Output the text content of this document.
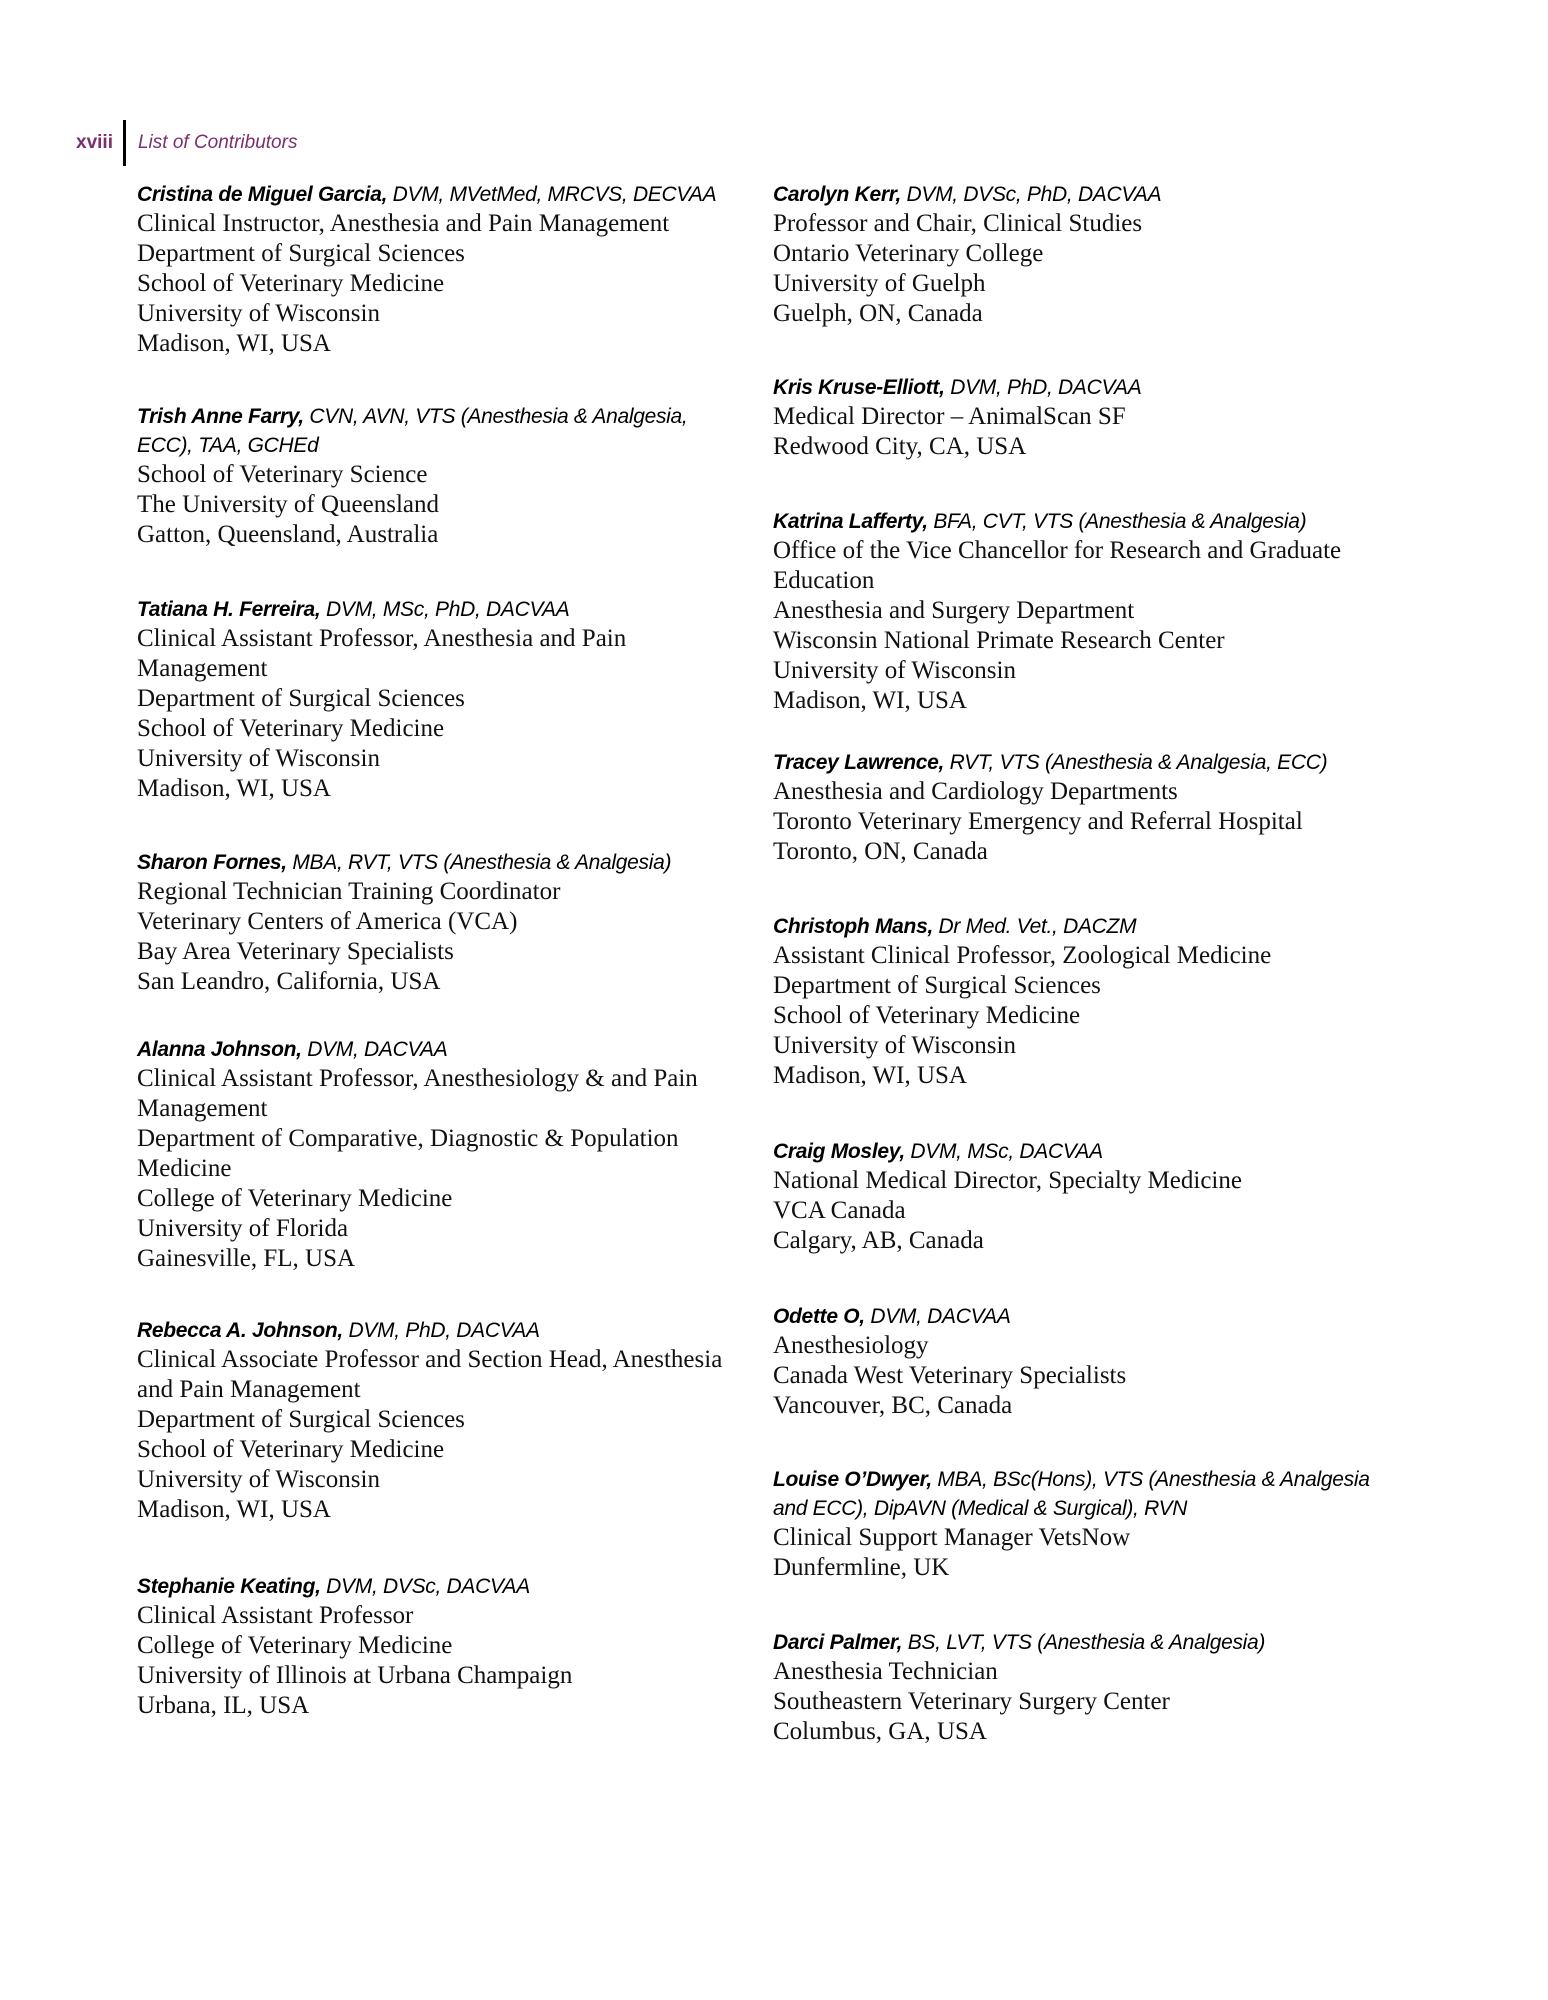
xviii List of Contributors
Cristina de Miguel Garcia, DVM, MVetMed, MRCVS, DECVAA
Clinical Instructor, Anesthesia and Pain Management
Department of Surgical Sciences
School of Veterinary Medicine
University of Wisconsin
Madison, WI, USA
Trish Anne Farry, CVN, AVN, VTS (Anesthesia & Analgesia, ECC), TAA, GCHEd
School of Veterinary Science
The University of Queensland
Gatton, Queensland, Australia
Tatiana H. Ferreira, DVM, MSc, PhD, DACVAA
Clinical Assistant Professor, Anesthesia and Pain Management
Department of Surgical Sciences
School of Veterinary Medicine
University of Wisconsin
Madison, WI, USA
Sharon Fornes, MBA, RVT, VTS (Anesthesia & Analgesia)
Regional Technician Training Coordinator
Veterinary Centers of America (VCA)
Bay Area Veterinary Specialists
San Leandro, California, USA
Alanna Johnson, DVM, DACVAA
Clinical Assistant Professor, Anesthesiology & and Pain Management
Department of Comparative, Diagnostic & Population Medicine
College of Veterinary Medicine
University of Florida
Gainesville, FL, USA
Rebecca A. Johnson, DVM, PhD, DACVAA
Clinical Associate Professor and Section Head, Anesthesia and Pain Management
Department of Surgical Sciences
School of Veterinary Medicine
University of Wisconsin
Madison, WI, USA
Stephanie Keating, DVM, DVSc, DACVAA
Clinical Assistant Professor
College of Veterinary Medicine
University of Illinois at Urbana Champaign
Urbana, IL, USA
Carolyn Kerr, DVM, DVSc, PhD, DACVAA
Professor and Chair, Clinical Studies
Ontario Veterinary College
University of Guelph
Guelph, ON, Canada
Kris Kruse-Elliott, DVM, PhD, DACVAA
Medical Director – AnimalScan SF
Redwood City, CA, USA
Katrina Lafferty, BFA, CVT, VTS (Anesthesia & Analgesia)
Office of the Vice Chancellor for Research and Graduate Education
Anesthesia and Surgery Department
Wisconsin National Primate Research Center
University of Wisconsin
Madison, WI, USA
Tracey Lawrence, RVT, VTS (Anesthesia & Analgesia, ECC)
Anesthesia and Cardiology Departments
Toronto Veterinary Emergency and Referral Hospital
Toronto, ON, Canada
Christoph Mans, Dr Med. Vet., DACZM
Assistant Clinical Professor, Zoological Medicine
Department of Surgical Sciences
School of Veterinary Medicine
University of Wisconsin
Madison, WI, USA
Craig Mosley, DVM, MSc, DACVAA
National Medical Director, Specialty Medicine
VCA Canada
Calgary, AB, Canada
Odette O, DVM, DACVAA
Anesthesiology
Canada West Veterinary Specialists
Vancouver, BC, Canada
Louise O’Dwyer, MBA, BSc(Hons), VTS (Anesthesia & Analgesia and ECC), DipAVN (Medical & Surgical), RVN
Clinical Support Manager VetsNow
Dunfermline, UK
Darci Palmer, BS, LVT, VTS (Anesthesia & Analgesia)
Anesthesia Technician
Southeastern Veterinary Surgery Center
Columbus, GA, USA
